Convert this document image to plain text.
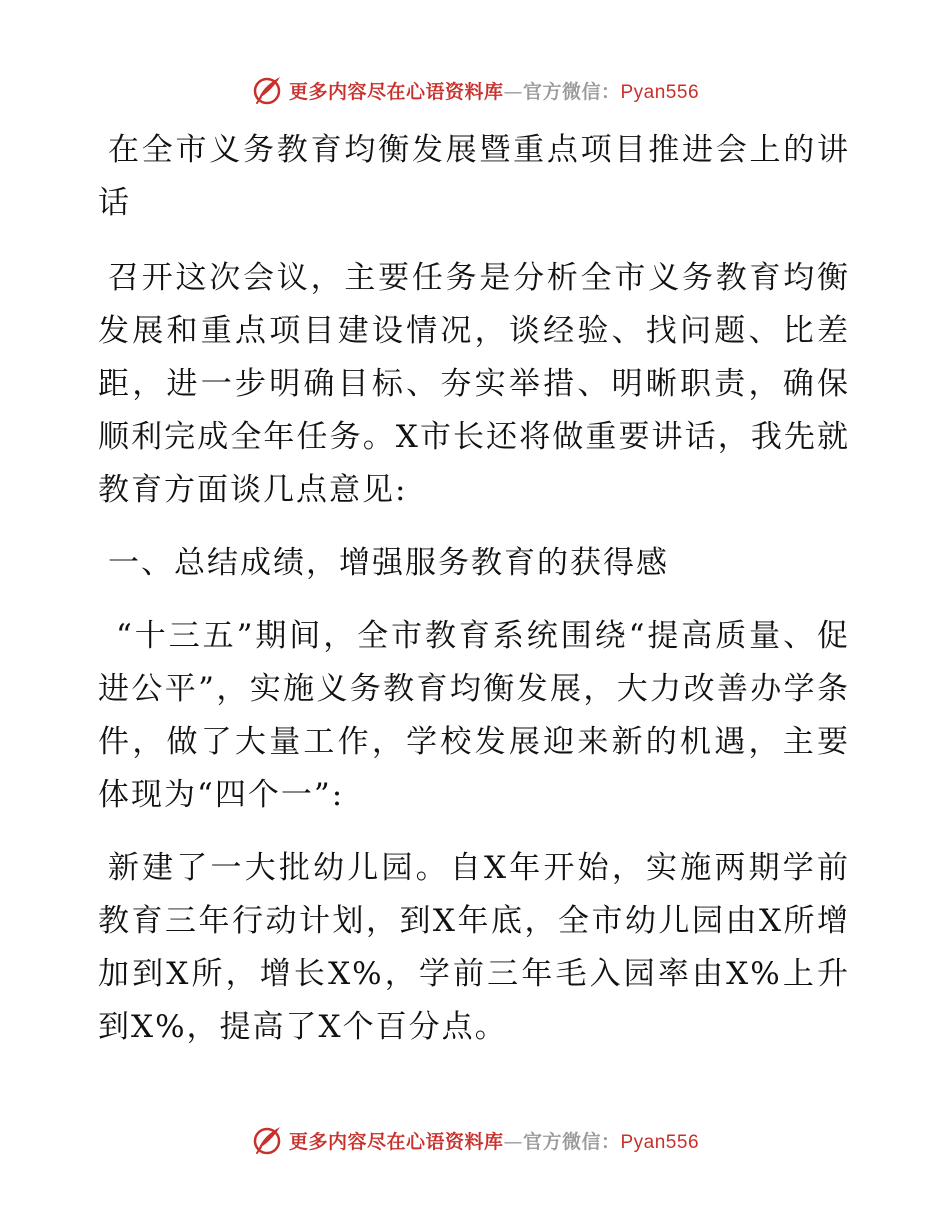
更多内容尽在心语资料库—官方微信：Pyan556

在全市义务教育均衡发展暨重点项目推进会上的讲话

召开这次会议，主要任务是分析全市义务教育均衡发展和重点项目建设情况，谈经验、找问题、比差距，进一步明确目标、夯实举措、明晰职责，确保顺利完成全年任务。X市长还将做重要讲话，我先就教育方面谈几点意见:

一、总结成绩，增强服务教育的获得感

“十三五”期间，全市教育系统围绕“提高质量、促进公平”，实施义务教育均衡发展，大力改善办学条件，做了大量工作，学校发展迎来新的机遇，主要体现为“四个一”:

新建了一大批幼儿园。自X年开始，实施两期学前教育三年行动计划，到X年底，全市幼儿园由X所增加到X所，增长X%，学前三年毛入园率由X%上升到X%，提高了X个百分点。

更多内容尽在心语资料库—官方微信：Pyan556
